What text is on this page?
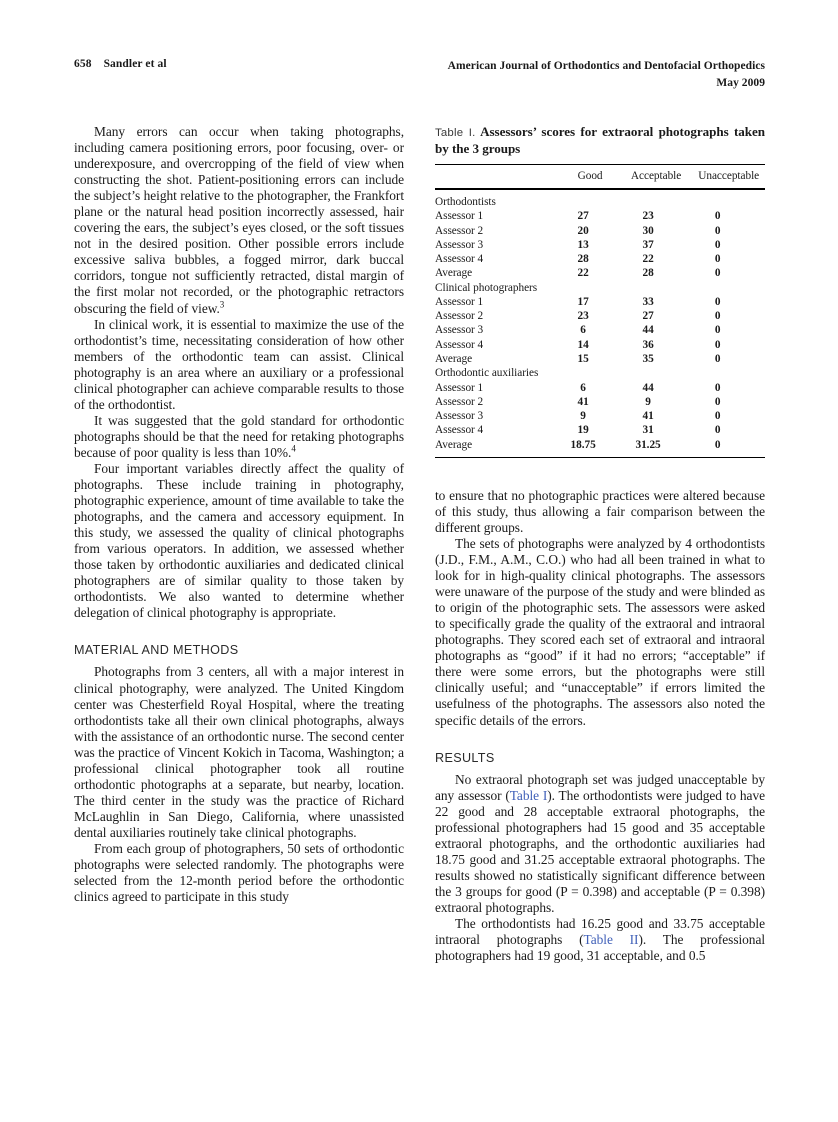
658 Sandler et al	American Journal of Orthodontics and Dentofacial Orthopedics
May 2009

Many errors can occur when taking photographs, including camera positioning errors, poor focusing, over- or underexposure, and overcropping of the field of view when constructing the shot. Patient-positioning errors can include the subject’s height relative to the photographer, the Frankfort plane or the natural head position incorrectly assessed, hair covering the ears, the subject’s eyes closed, or the soft tissues not in the desired position. Other possible errors include excessive saliva bubbles, a fogged mirror, dark buccal corridors, tongue not sufficiently retracted, distal margin of the first molar not recorded, or the photographic retractors obscuring the field of view.$^3$

In clinical work, it is essential to maximize the use of the orthodontist’s time, necessitating consideration of how other members of the orthodontic team can assist. Clinical photography is an area where an auxiliary or a professional clinical photographer can achieve comparable results to those of the orthodontist.

It was suggested that the gold standard for orthodontic photographs should be that the need for retaking photographs because of poor quality is less than 10%.$^4$

Four important variables directly affect the quality of photographs. These include training in photography, photographic experience, amount of time available to take the photographs, and the camera and accessory equipment. In this study, we assessed the quality of clinical photographs from various operators. In addition, we assessed whether those taken by orthodontic auxiliaries and dedicated clinical photographers are of similar quality to those taken by orthodontists. We also wanted to determine whether delegation of clinical photography is appropriate.

MATERIAL AND METHODS

Photographs from 3 centers, all with a major interest in clinical photography, were analyzed. The United Kingdom center was Chesterfield Royal Hospital, where the treating orthodontists take all their own clinical photographs, always with the assistance of an orthodontic nurse. The second center was the practice of Vincent Kokich in Tacoma, Washington; a professional clinical photographer took all routine orthodontic photographs at a separate, but nearby, location. The third center in the study was the practice of Richard McLaughlin in San Diego, California, where unassisted dental auxiliaries routinely take clinical photographs.

From each group of photographers, 50 sets of orthodontic photographs were selected randomly. The photographs were selected from the 12-month period before the orthodontic clinics agreed to participate in this study

Table I. Assessors’ scores for extraoral photographs taken by the 3 groups

	Good	Acceptable	Unacceptable

Orthodontists			
Assessor 1	27	23	0
Assessor 2	20	30	0
Assessor 3	13	37	0
Assessor 4	28	22	0
Average	22	28	0
Clinical photographers			
Assessor 1	17	33	0
Assessor 2	23	27	0
Assessor 3	6	44	0
Assessor 4	14	36	0
Average	15	35	0
Orthodontic auxiliaries			
Assessor 1	6	44	0
Assessor 2	41	9	0
Assessor 3	9	41	0
Assessor 4	19	31	0
Average	18.75	31.25	0

to ensure that no photographic practices were altered because of this study, thus allowing a fair comparison between the different groups.

The sets of photographs were analyzed by 4 orthodontists (J.D., F.M., A.M., C.O.) who had all been trained in what to look for in high-quality clinical photographs. The assessors were unaware of the purpose of the study and were blinded as to origin of the photographic sets. The assessors were asked to specifically grade the quality of the extraoral and intraoral photographs. They scored each set of extraoral and intraoral photographs as “good” if it had no errors; “acceptable” if there were some errors, but the photographs were still clinically useful; and “unacceptable” if errors limited the usefulness of the photographs. The assessors also noted the specific details of the errors.

RESULTS

No extraoral photograph set was judged unacceptable by any assessor (Table I). The orthodontists were judged to have 22 good and 28 acceptable extraoral photographs, the professional photographers had 15 good and 35 acceptable extraoral photographs, and the orthodontic auxiliaries had 18.75 good and 31.25 acceptable extraoral photographs. The results showed no statistically significant difference between the 3 groups for good (P = 0.398) and acceptable (P = 0.398) extraoral photographs.

The orthodontists had 16.25 good and 33.75 acceptable intraoral photographs (Table II). The professional photographers had 19 good, 31 acceptable, and 0.5
